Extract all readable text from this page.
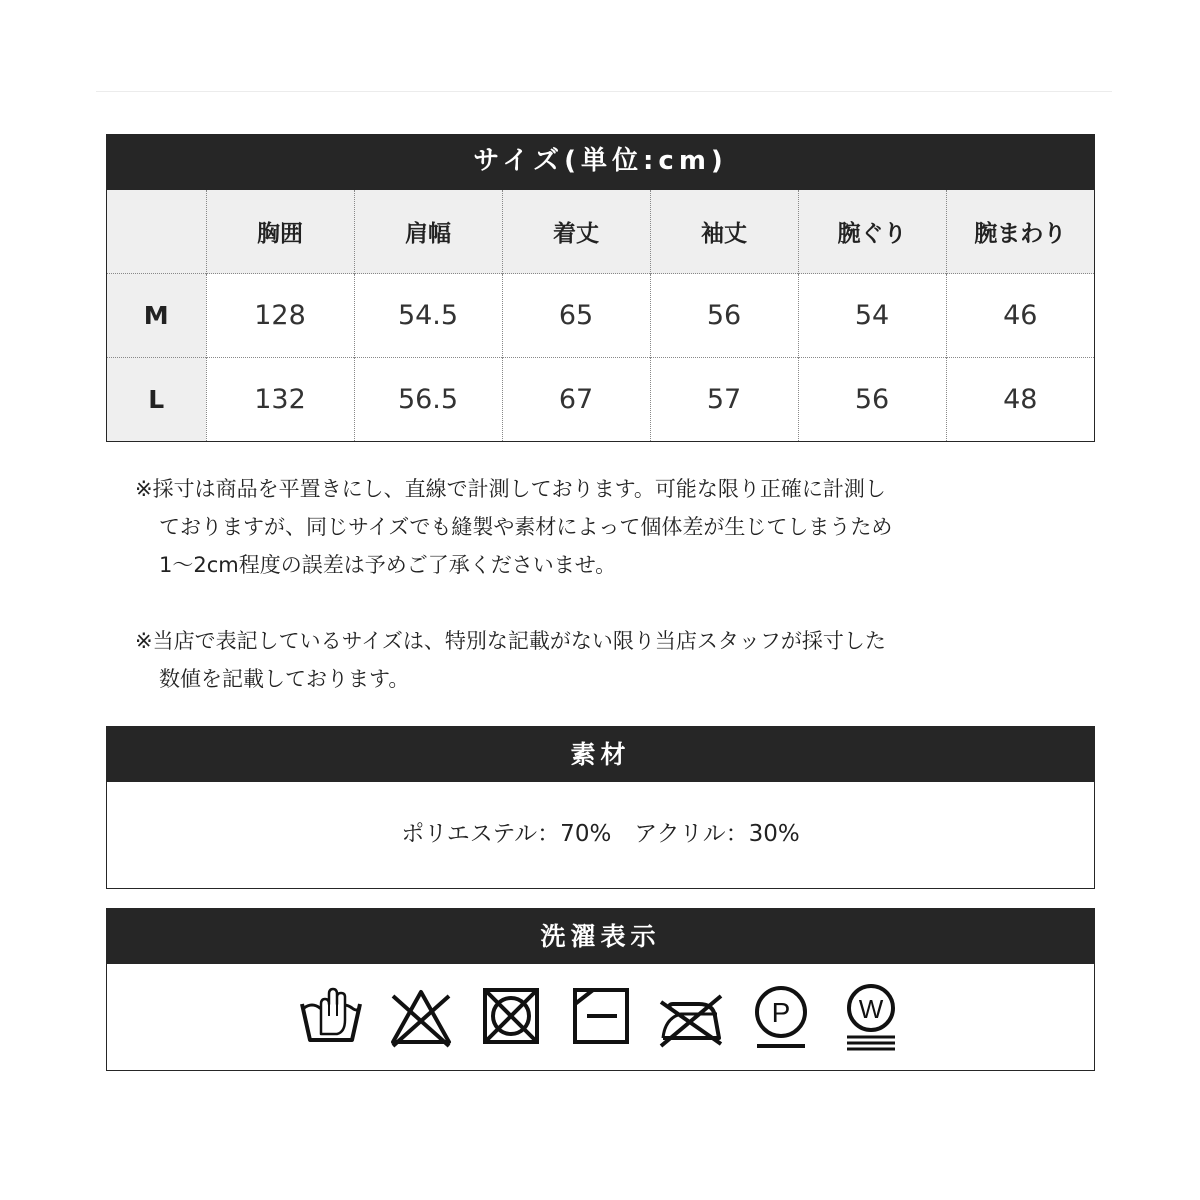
サイズ(単位:cm)
	胸囲	肩幅	着丈	袖丈	腕ぐり	腕まわり
M	128	54.5	65	56	54	46
L	132	56.5	67	57	56	48

※採寸は商品を平置きにし、直線で計測しております。可能な限り正確に計測し

ておりますが、同じサイズでも縫製や素材によって個体差が生じてしまうため

1〜2cm程度の誤差は予めご了承くださいませ。

※当店で表記しているサイズは、特別な記載がない限り当店スタッフが採寸した

数値を記載しております。

素材
ポリエステル：70%　アクリル：30%
洗濯表示
P	W
